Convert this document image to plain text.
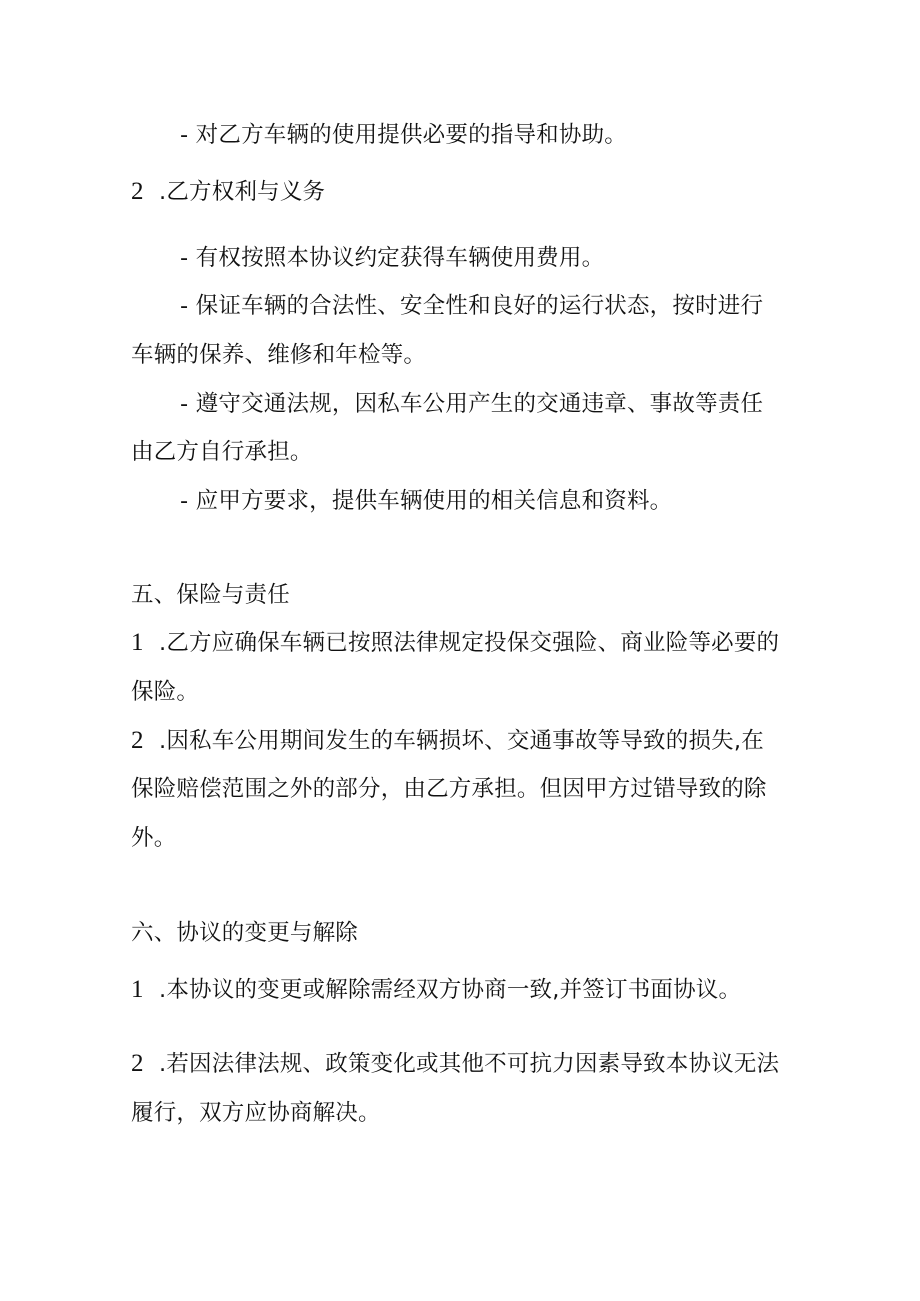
- 对乙方车辆的使用提供必要的指导和协助。
2 .乙方权利与义务
- 有权按照本协议约定获得车辆使用费用。
- 保证车辆的合法性、安全性和良好的运行状态，按时进行
车辆的保养、维修和年检等。
- 遵守交通法规，因私车公用产生的交通违章、事故等责任
由乙方自行承担。
- 应甲方要求，提供车辆使用的相关信息和资料。
五、保险与责任
1 .乙方应确保车辆已按照法律规定投保交强险、商业险等必要的
保险。
2 .因私车公用期间发生的车辆损坏、交通事故等导致的损失,在
保险赔偿范围之外的部分，由乙方承担。但因甲方过错导致的除
外。
六、协议的变更与解除
1 .本协议的变更或解除需经双方协商一致,并签订书面协议。
2 .若因法律法规、政策变化或其他不可抗力因素导致本协议无法
履行，双方应协商解决。
